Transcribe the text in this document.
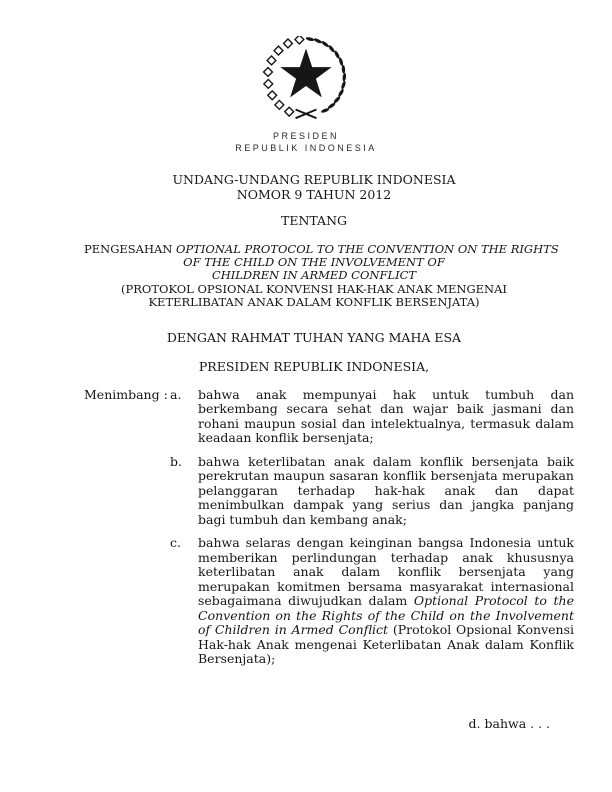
PRESIDEN
REPUBLIK INDONESIA
UNDANG-UNDANG REPUBLIK INDONESIA
NOMOR 9 TAHUN 2012
TENTANG
PENGESAHAN OPTIONAL PROTOCOL TO THE CONVENTION ON THE RIGHTS
OF THE CHILD ON THE INVOLVEMENT OF
CHILDREN IN ARMED CONFLICT
(PROTOKOL OPSIONAL KONVENSI HAK-HAK ANAK MENGENAI
KETERLIBATAN ANAK DALAM KONFLIK BERSENJATA)
DENGAN RAHMAT TUHAN YANG MAHA ESA
PRESIDEN REPUBLIK INDONESIA,
Menimbang : a.	bahwa anak mempunyai hak untuk tumbuh dan berkembang secara sehat dan wajar baik jasmani dan rohani maupun sosial dan intelektualnya, termasuk dalam keadaan konflik bersenjata;
b.	bahwa keterlibatan anak dalam konflik bersenjata baik perekrutan maupun sasaran konflik bersenjata merupakan pelanggaran terhadap hak-hak anak dan dapat menimbulkan dampak yang serius dan jangka panjang bagi tumbuh dan kembang anak;
c.	bahwa selaras dengan keinginan bangsa Indonesia untuk memberikan perlindungan terhadap anak khususnya keterlibatan anak dalam konflik bersenjata yang merupakan komitmen bersama masyarakat internasional sebagaimana diwujudkan dalam Optional Protocol to the Convention on the Rights of the Child on the Involvement of Children in Armed Conflict (Protokol Opsional Konvensi Hak-hak Anak mengenai Keterlibatan Anak dalam Konflik Bersenjata);
d. bahwa . . .
